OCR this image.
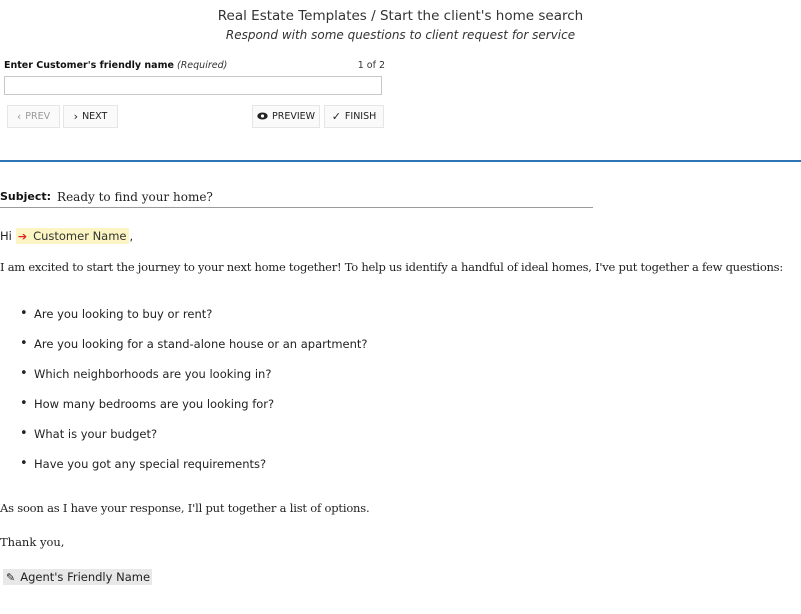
Real Estate Templates / Start the client's home search
Respond with some questions to client request for service
Enter Customer's friendly name (Required)	1 of 2
‹ PREV › NEXT	PREVIEW ✓ FINISH
Subject: Ready to find your home?
Hi ➔ Customer Name ,
I am excited to start the journey to your next home together! To help us identify a handful of ideal homes, I've put together a few questions:
• Are you looking to buy or rent?
• Are you looking for a stand-alone house or an apartment?
• Which neighborhoods are you looking in?
• How many bedrooms are you looking for?
• What is your budget?
• Have you got any special requirements?
As soon as I have your response, I'll put together a list of options.
Thank you,
✎ Agent's Friendly Name
